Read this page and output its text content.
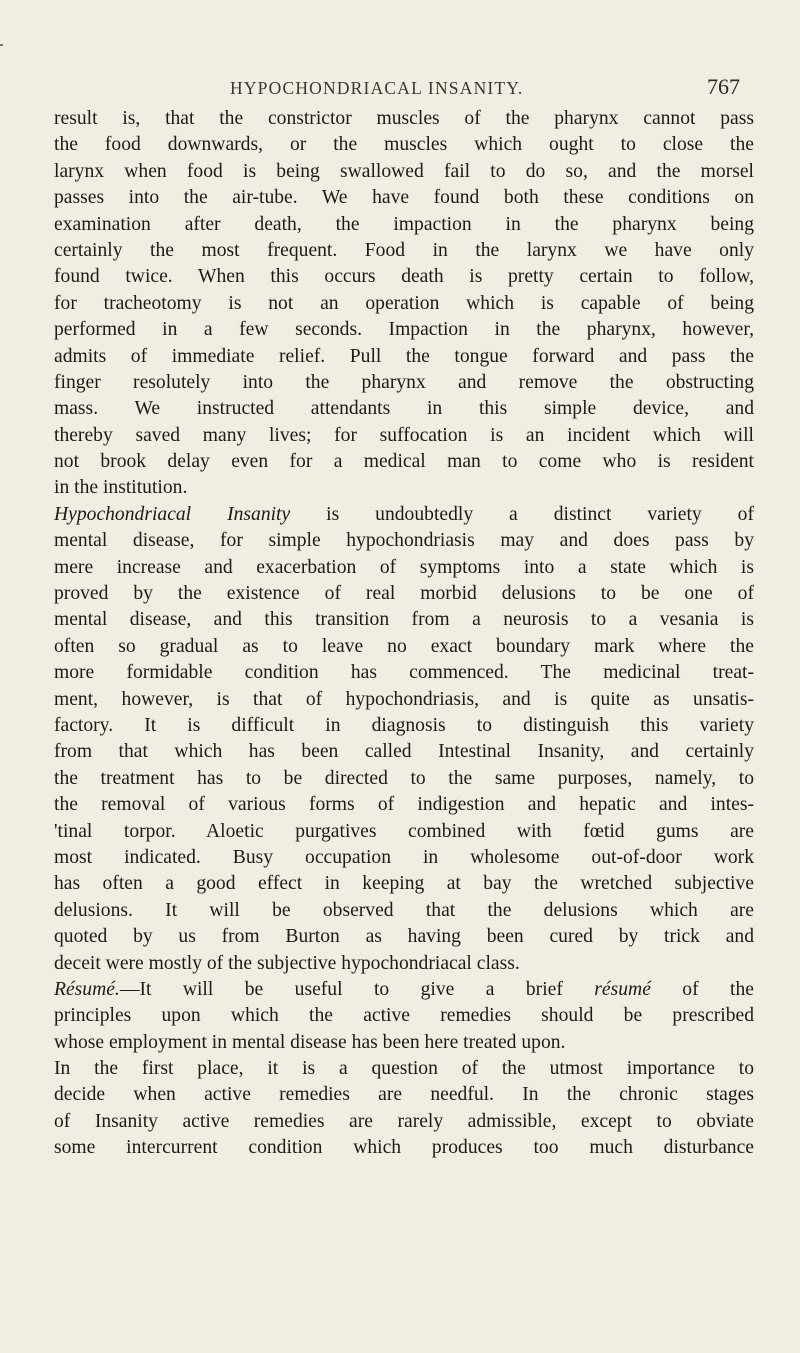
HYPOCHONDRIACAL INSANITY.	767
result is, that the constrictor muscles of the pharynx cannot pass
the food downwards, or the muscles which ought to close the
larynx when food is being swallowed fail to do so, and the morsel
passes into the air-tube. We have found both these conditions on
examination after death, the impaction in the pharynx being
certainly the most frequent. Food in the larynx we have only
found twice. When this occurs death is pretty certain to follow,
for tracheotomy is not an operation which is capable of being
performed in a few seconds. Impaction in the pharynx, however,
admits of immediate relief. Pull the tongue forward and pass the
finger resolutely into the pharynx and remove the obstructing
mass. We instructed attendants in this simple device, and
thereby saved many lives; for suffocation is an incident which will
not brook delay even for a medical man to come who is resident
in the institution.
Hypochondriacal Insanity is undoubtedly a distinct variety of
mental disease, for simple hypochondriasis may and does pass by
mere increase and exacerbation of symptoms into a state which is
proved by the existence of real morbid delusions to be one of
mental disease, and this transition from a neurosis to a vesania is
often so gradual as to leave no exact boundary mark where the
more formidable condition has commenced. The medicinal treat-
ment, however, is that of hypochondriasis, and is quite as unsatis-
factory. It is difficult in diagnosis to distinguish this variety
from that which has been called Intestinal Insanity, and certainly
the treatment has to be directed to the same purposes, namely, to
the removal of various forms of indigestion and hepatic and intes-
'tinal torpor. Aloetic purgatives combined with fœtid gums are
most indicated. Busy occupation in wholesome out-of-door work
has often a good effect in keeping at bay the wretched subjective
delusions. It will be observed that the delusions which are
quoted by us from Burton as having been cured by trick and
deceit were mostly of the subjective hypochondriacal class.
Résumé.—It will be useful to give a brief résumé of the
principles upon which the active remedies should be prescribed
whose employment in mental disease has been here treated upon.
In the first place, it is a question of the utmost importance to
decide when active remedies are needful. In the chronic stages
of Insanity active remedies are rarely admissible, except to obviate
some intercurrent condition which produces too much disturbance
